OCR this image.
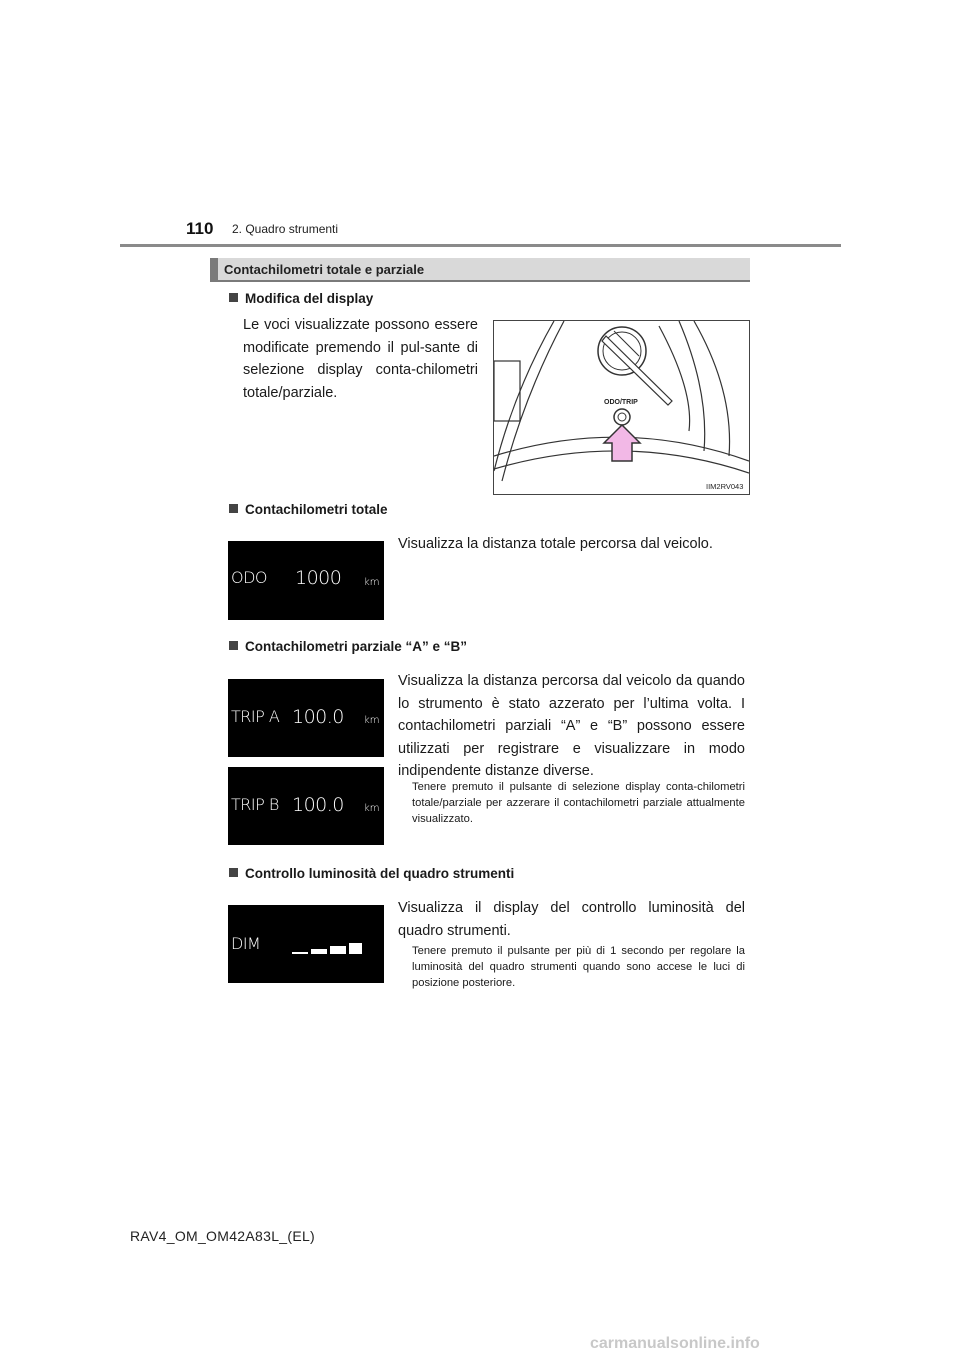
110 2. Quadro strumenti
Contachilometri totale e parziale
Modifica del display
Le voci visualizzate possono essere modificate premendo il pul-sante di selezione display conta-chilometri totale/parziale.
ODO/TRIP
IIM2RV043
Contachilometri totale
ODO 1000 km
Visualizza la distanza totale percorsa dal veicolo.
Contachilometri parziale “A” e “B”
TRIP A 100.0 km
TRIP B 100.0 km
Visualizza la distanza percorsa dal veicolo da quando lo strumento è stato azzerato per l’ultima volta. I contachilometri parziali “A” e “B” possono essere utilizzati per registrare e visualizzare in modo indipendente distanze diverse.
Tenere premuto il pulsante di selezione display conta-chilometri totale/parziale per azzerare il contachilometri parziale attualmente visualizzato.
Controllo luminosità del quadro strumenti
DIM
Visualizza il display del controllo luminosità del quadro strumenti.
Tenere premuto il pulsante per più di 1 secondo per regolare la luminosità del quadro strumenti quando sono accese le luci di posizione posteriore.
RAV4_OM_OM42A83L_(EL)
carmanualsonline.info
